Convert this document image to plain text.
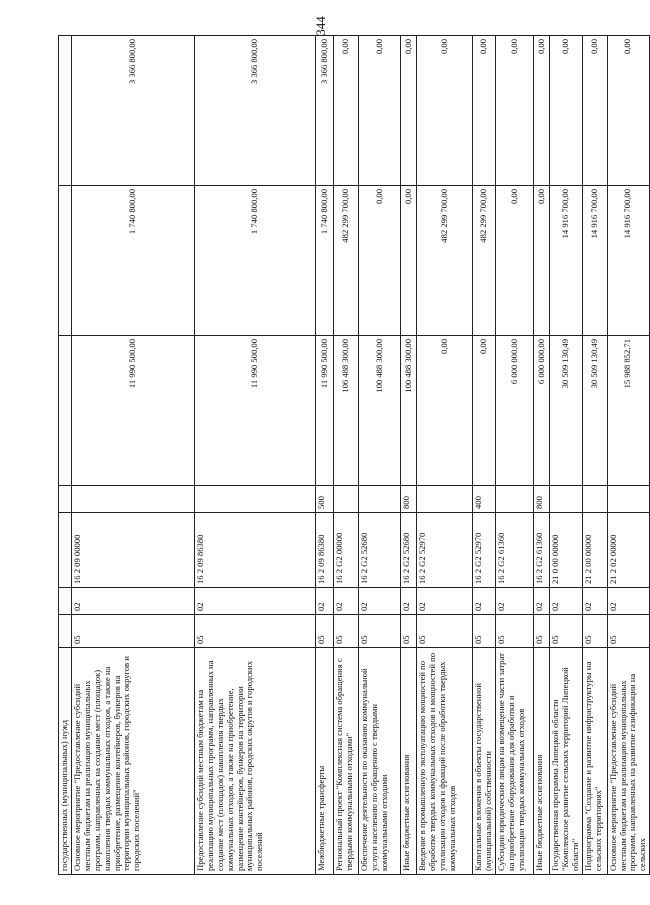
344
государственных (муниципальных) нужд							
Основное мероприятие "Предоставление субсидий местным бюджетам на реализацию муниципальных программ, направленных на создание мест (площадок) накопления твердых коммунальных отходов, а также на приобретение, размещение контейнеров, бункеров на территории муниципальных районов, городских округов и городских поселений"	05	02	16 2 09 00000		11 990 500,00	1 740 800,00	3 366 800,00
Предоставление субсидий местным бюджетам на реализацию муниципальных программ, направленных на создание мест (площадок) накопления твердых коммунальных отходов, а также на приобретение, размещение контейнеров, бункеров на территории муниципальных районов, городских округов и городских поселений	05	02	16 2 09 86380		11 990 500,00	1 740 800,00	3 366 800,00
Межбюджетные трансферты	05	02	16 2 09 86380	500	11 990 500,00	1 740 800,00	3 366 800,00
Региональный проект "Комплексная система обращения с твердыми коммунальными отходами"	05	02	16 2 G2 00000		106 488 300,00	482 299 700,00	0,00
Обеспечение деятельности по оказанию коммунальной услуги населению по обращению с твердыми коммунальными отходами	05	02	16 2 G2 52680		100 488 300,00	0,00	0,00
Иные бюджетные ассигнования	05	02	16 2 G2 52680	800	100 488 300,00	0,00	0,00
Введение в промышленную эксплуатацию мощностей по обработке твердых коммунальных отходов и мощностей по утилизации отходов и фракций после обработки твердых коммунальных отходов	05	02	16 2 G2 52970		0,00	482 299 700,00	0,00
Капитальные вложения в объекты государственной (муниципальной) собственности	05	02	16 2 G2 52970	400	0,00	482 299 700,00	0,00
Субсидии юридическим лицам на возмещение части затрат на приобретение оборудования для обработки и утилизации твердых коммунальных отходов	05	02	16 2 G2 61360		6 000 000,00	0,00	0,00
Иные бюджетные ассигнования	05	02	16 2 G2 61360	800	6 000 000,00	0,00	0,00
Государственная программа Липецкой области "Комплексное развитие сельских территорий Липецкой области"	05	02	21 0 00 00000		30 509 130,49	14 916 700,00	0,00
Подпрограмма "Создание и развитие инфраструктуры на сельских территориях"	05	02	21 2 00 00000		30 509 130,49	14 916 700,00	0,00
Основное мероприятие "Предоставление субсидий местным бюджетам на реализацию муниципальных программ, направленных на развитие газификации на сельских	05	02	21 2 02 00000		15 988 852,71	14 916 700,00	0,00
